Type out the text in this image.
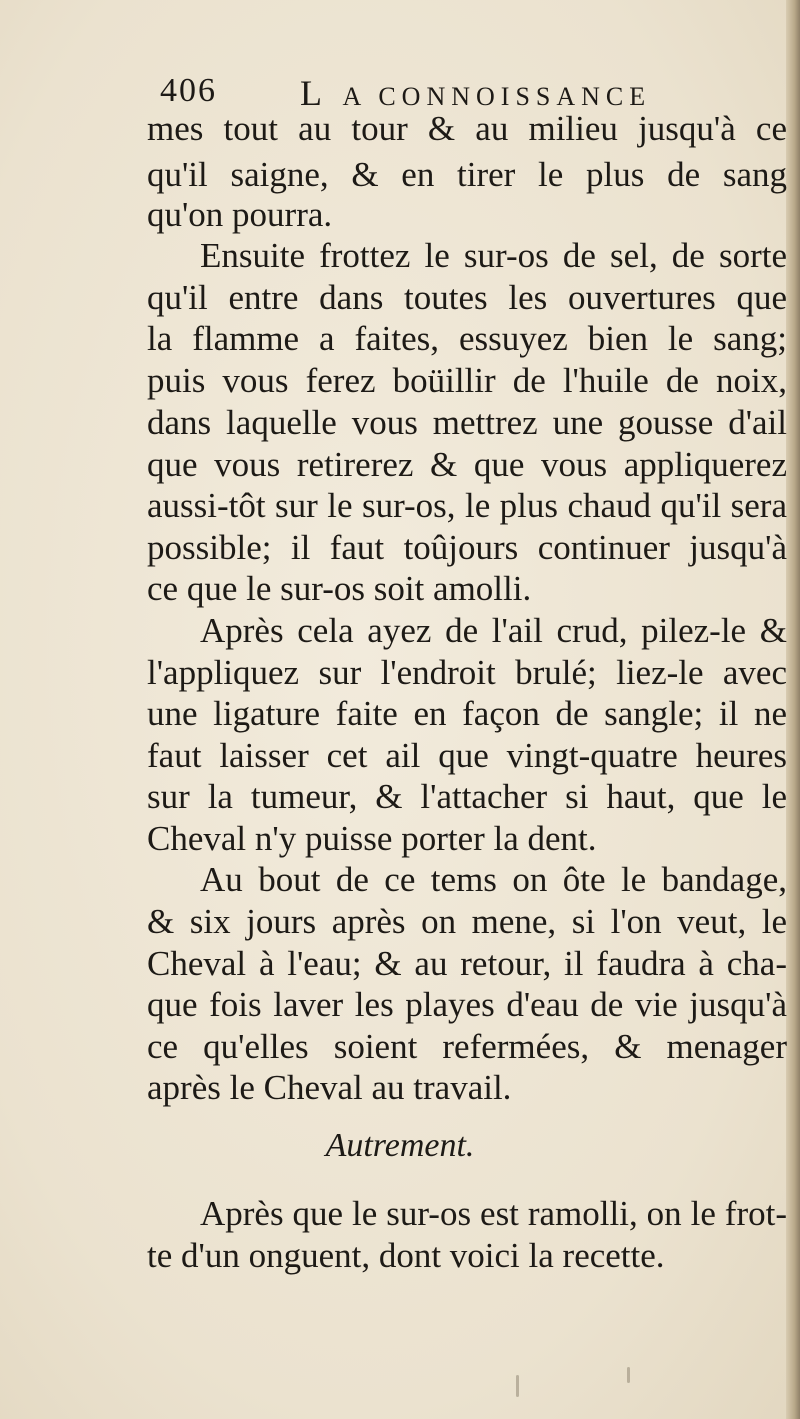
406 L A CONNOISSANCE
mes tout au tour & au milieu jusqu'à ce
qu'il saigne, & en tirer le plus de sang
qu'on pourra.
Ensuite frottez le sur-os de sel, de sorte
qu'il entre dans toutes les ouvertures que
la flamme a faites, essuyez bien le sang;
puis vous ferez boüillir de l'huile de noix,
dans laquelle vous mettrez une gousse d'ail
que vous retirerez & que vous appliquerez
aussi-tôt sur le sur-os, le plus chaud qu'il sera
possible; il faut toûjours continuer jusqu'à
ce que le sur-os soit amolli.
Après cela ayez de l'ail crud, pilez-le &
l'appliquez sur l'endroit brulé; liez-le avec
une ligature faite en façon de sangle; il ne
faut laisser cet ail que vingt-quatre heures
sur la tumeur, & l'attacher si haut, que le
Cheval n'y puisse porter la dent.
Au bout de ce tems on ôte le bandage,
& six jours après on mene, si l'on veut, le
Cheval à l'eau; & au retour, il faudra à cha-
que fois laver les playes d'eau de vie jusqu'à
ce qu'elles soient refermées, & menager
après le Cheval au travail.
Autrement.
Après que le sur-os est ramolli, on le frot-
te d'un onguent, dont voici la recette.
